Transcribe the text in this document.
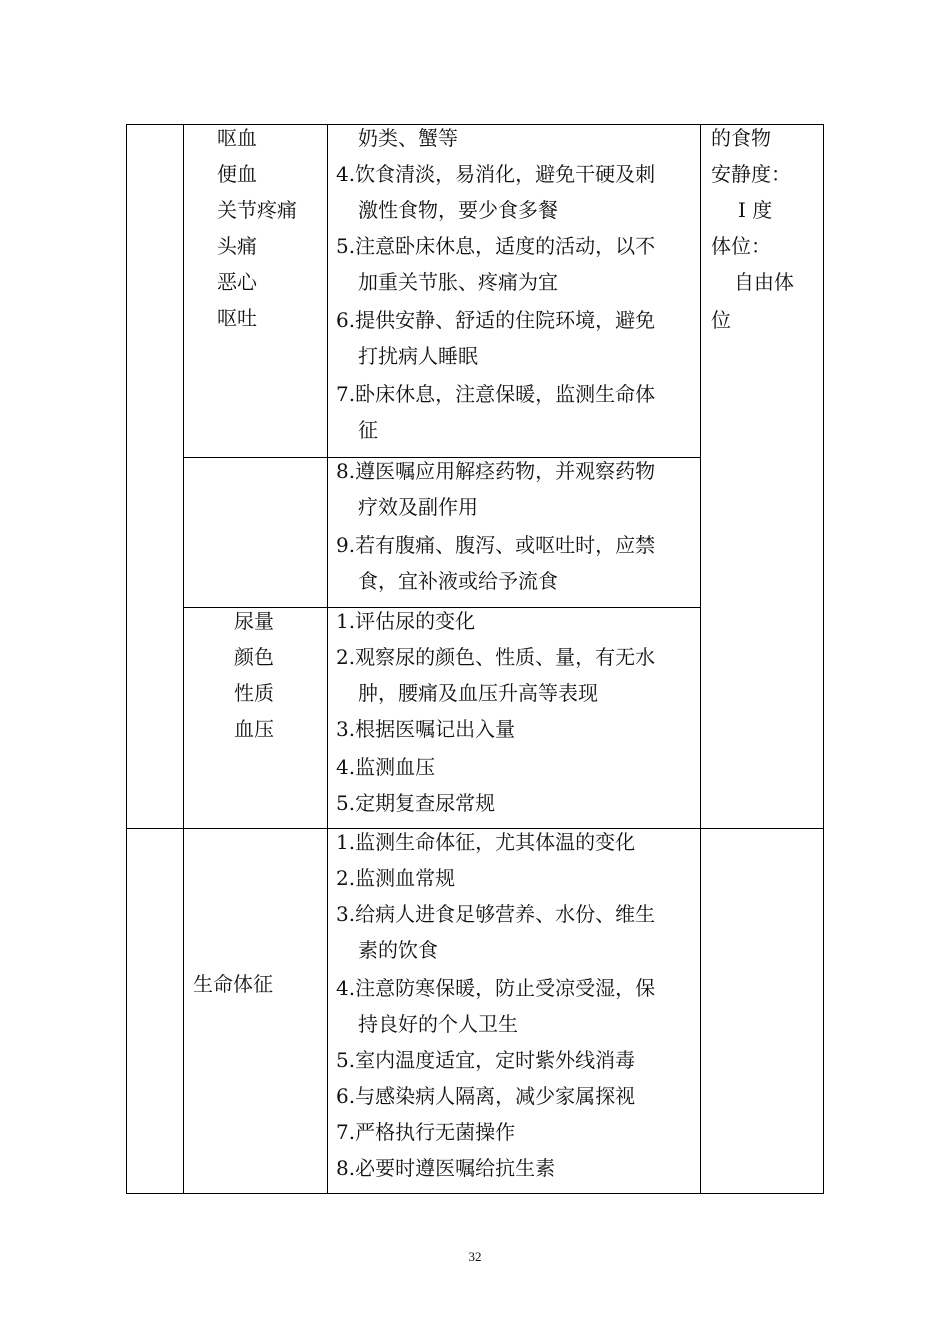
呕血
便血
关节疼痛
头痛
恶心
呕吐
奶类、蟹等
4.饮食清淡，易消化，避免干硬及刺
激性食物，要少食多餐
5.注意卧床休息，适度的活动，以不
加重关节胀、疼痛为宜
6.提供安静、舒适的住院环境，避免
打扰病人睡眠
7.卧床休息，注意保暖，监测生命体
征
的食物
安静度：
Ⅰ 度
体位：
自由体
位
8.遵医嘱应用解痉药物，并观察药物
疗效及副作用
9.若有腹痛、腹泻、或呕吐时，应禁
食，宜补液或给予流食
尿量
颜色
性质
血压
1.评估尿的变化
2.观察尿的颜色、性质、量，有无水
肿，腰痛及血压升高等表现
3.根据医嘱记出入量
4.监测血压
5.定期复查尿常规
生命体征
1.监测生命体征，尤其体温的变化
2.监测血常规
3.给病人进食足够营养、水份、维生
素的饮食
4.注意防寒保暖，防止受凉受湿，保
持良好的个人卫生
5.室内温度适宜，定时紫外线消毒
6.与感染病人隔离，减少家属探视
7.严格执行无菌操作
8.必要时遵医嘱给抗生素
32
